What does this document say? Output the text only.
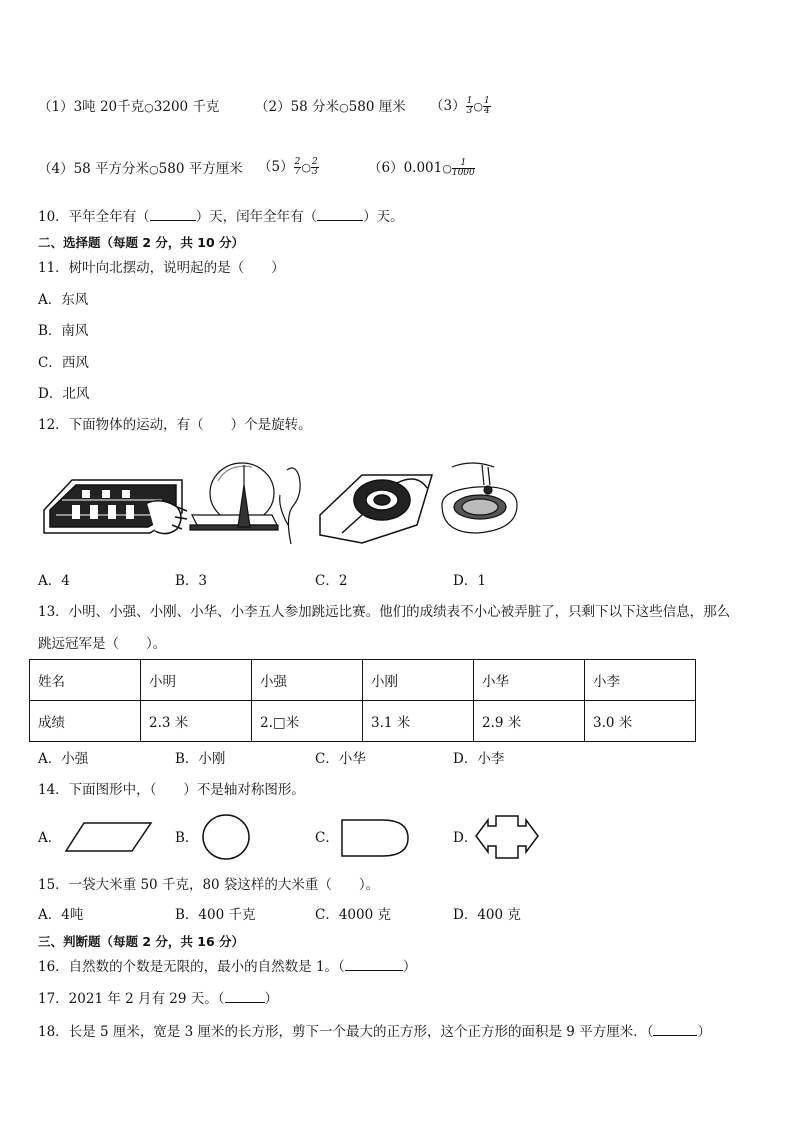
（1）3吨 20千克○3200 千克	（2）58 分米○580 厘米 $(3) \frac{1}{3}$ ○ $\frac{1}{4}$
（4）58 平方分米○580 平方厘米 $(5) \frac{2}{7}$ ○ $\frac{2}{3}$	（6）0.001○ $\frac{1}{1000}$
10．平年全年有（	）天，闰年全年有（	）天。
二、选择题（每题 2 分，共 10 分）
11．树叶向北摆动，说明起的是（　　）
A．东风
B．南风
C．西风
D．北风
12．下面物体的运动，有（　　）个是旋转。
A．4	B．3	C．2	D．1
13．小明、小强、小刚、小华、小李五人参加跳远比赛。他们的成绩表不小心被弄脏了，只剩下以下这些信息，那么
跳远冠军是（　　）。
姓名	小明	小强	小刚	小华	小李
成绩	2.3 米	2.□米	3.1 米	2.9 米	3.0 米
A．小强	B．小刚	C．小华	D．小李
14．下面图形中，（　　）不是轴对称图形。
A．	B．	C．	D．
15．一袋大米重 50 千克，80 袋这样的大米重（　　）。
A．4吨	B．400 千克	C．4000 克	D．400 克
三、判断题（每题 2 分，共 16 分）
16．自然数的个数是无限的，最小的自然数是 1。（	）
17．2021 年 2 月有 29 天。（	）
18．长是 5 厘米，宽是 3 厘米的长方形，剪下一个最大的正方形，这个正方形的面积是 9 平方厘米．（	）
